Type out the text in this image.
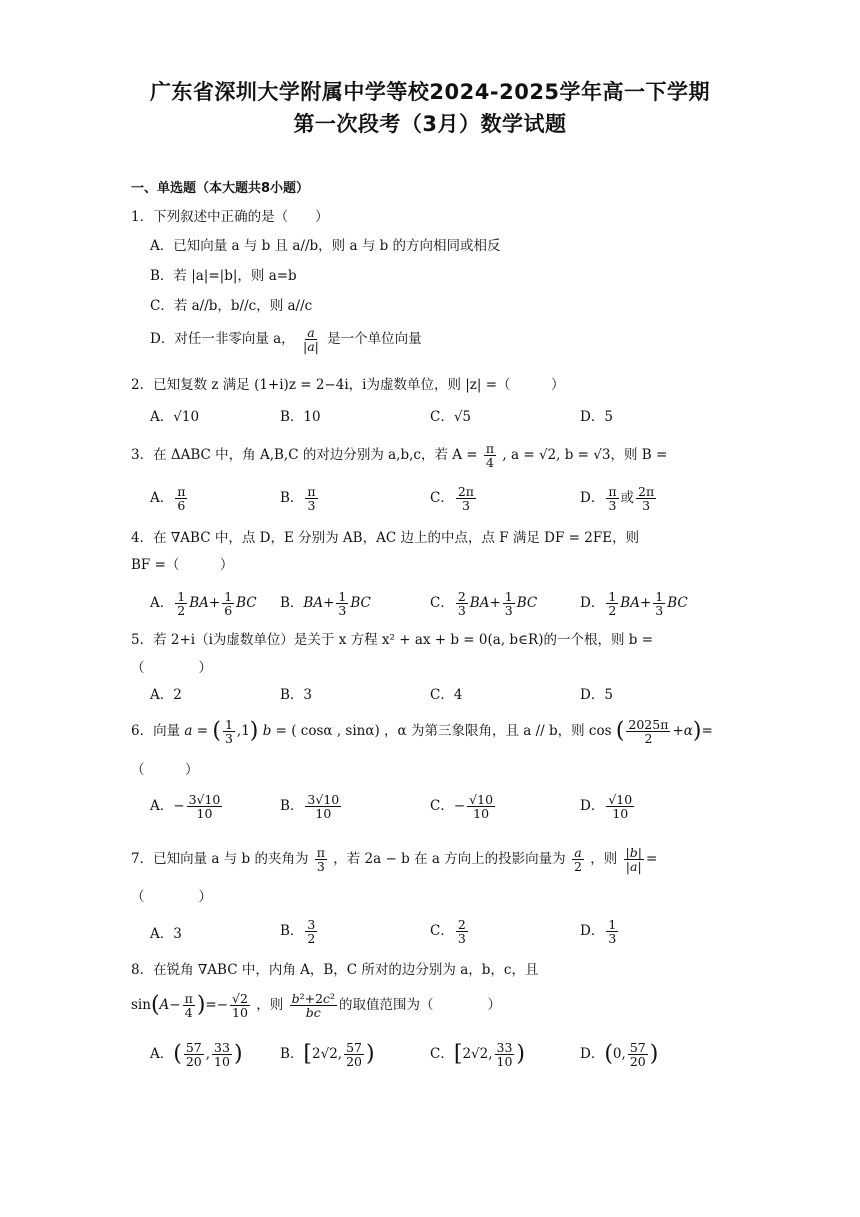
广东省深圳大学附属中学等校2024-2025学年高一下学期
第一次段考（3月）数学试题
一、单选题（本大题共8小题）
1．下列叙述中正确的是（　　）
A．已知向量 a 与 b 且 a//b，则 a 与 b 的方向相同或相反
B．若 |a|=|b|，则 a=b
C．若 a//b，b//c，则 a//c
D．对任一非零向量 a， $\frac{a}{|a|}$ 是一个单位向量
2．已知复数 z 满足 (1+i)z = 2−4i，i为虚数单位，则 |z| =（　　　）
A．√10	B．10	C．√5	D．5
3．在 ΔABC 中，角 A,B,C 的对边分别为 a,b,c，若 $A = \frac{\pi}{4}$ , a = √2, b = √3，则 B =
A． $\frac{\pi}{6}$	B． $\frac{\pi}{3}$	C． $\frac{2\pi}{3}$	D． $\frac{\pi}{3}$ 或 $\frac{2\pi}{3}$
4．在 ∇ABC 中，点 D，E 分别为 AB，AC 边上的中点，点 F 满足 DF = 2FE，则
BF =（　　　）
A． $\frac{1}{2} BA+ \frac{1}{6}$ BC B．$BA+ \frac{1}{3}$ BC	C． $\frac{2}{3} BA+ \frac{1}{3}$ BC	D． $\frac{1}{2} BA+ \frac{1}{3}$ BC
5．若 2+i（i为虚数单位）是关于 x 方程 x² + ax + b = 0(a, b∈R)的一个根，则 b =
（　　　　）
A．2	B．3	C．4	D．5
6．向量 a = ( $\frac{1}{3} ,1$) b = ( cosα , sinα) ，α 为第三象限角，且 a // b，则 cos ( $\frac{2025\pi}{2} +\alpha)=$
（　　　）
A．− $\frac{3√10}{10}$	B． $\frac{3√10}{10}$	C．− $\frac{√10}{10}$	D． $\frac{√10}{10}$
7．已知向量 a 与 b 的夹角为 $\frac{\pi}{3}$ ，若 2a − b 在 a 方向上的投影向量为 $\frac{a}{2}$ ，则 $\frac{|b|}{|a|}$ =
（　　　　）
A．3	B． $\frac{3}{2}$	C． $\frac{2}{3}$	D． $\frac{1}{3}$
8．在锐角 ∇ABC 中，内角 A，B，C 所对的边分别为 a，b，c，且
$\sin(A- \frac{\pi}{4}$ )=− $\frac{√2}{10}$ ，则 $\frac{\text{b²+2c²}}{bc}$ 的取值范围为（　　　　）
A．( $\frac{57}{20}$ , $\frac{33}{10}$ )	B．[2√2, $\frac{57}{20}$ )	C．[2√2, $\frac{33}{10}$ )	D．(0, $\frac{57}{20}$ )
